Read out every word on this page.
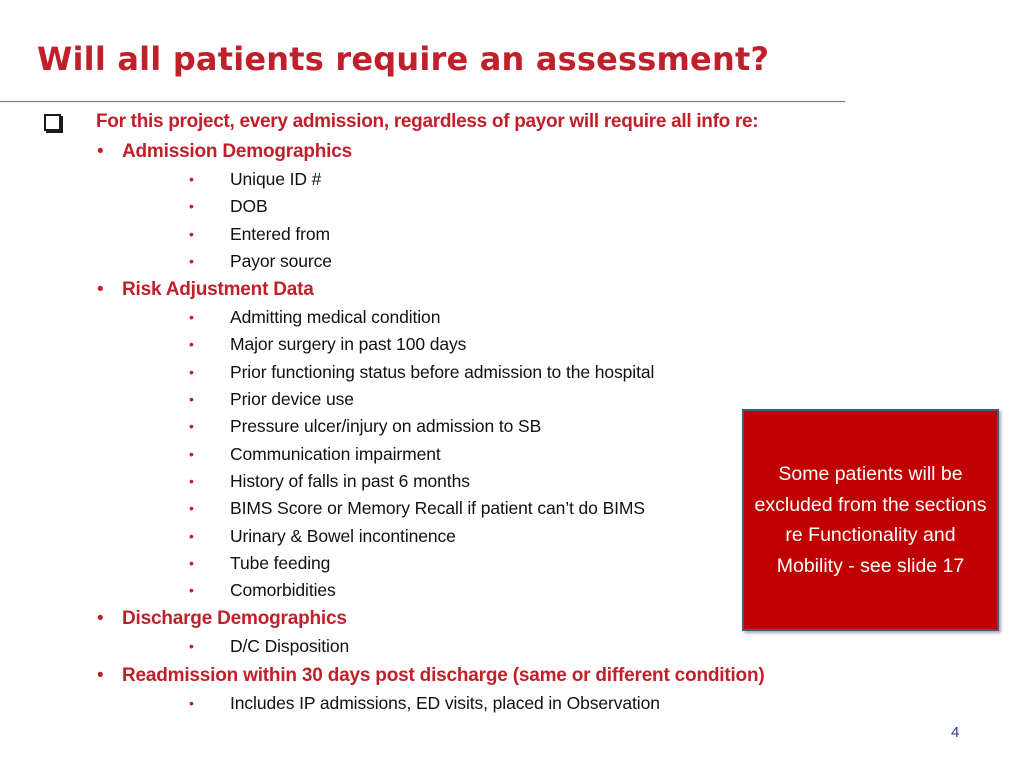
Will all patients require an assessment?
For this project, every admission, regardless of payor will require all info re:
• Admission Demographics
• Unique ID #
• DOB
• Entered from
• Payor source
• Risk Adjustment Data
• Admitting medical condition
• Major surgery in past 100 days
• Prior functioning status before admission to the hospital
• Prior device use
• Pressure ulcer/injury on admission to SB
• Communication impairment
• History of falls in past 6 months
• BIMS Score or Memory Recall if patient can’t do BIMS
• Urinary & Bowel incontinence
• Tube feeding
• Comorbidities
• Discharge Demographics
• D/C Disposition
• Readmission within 30 days post discharge (same or different condition)
• Includes IP admissions, ED visits, placed in Observation
Some patients will be excluded from the sections re Functionality and Mobility - see slide 17
4
